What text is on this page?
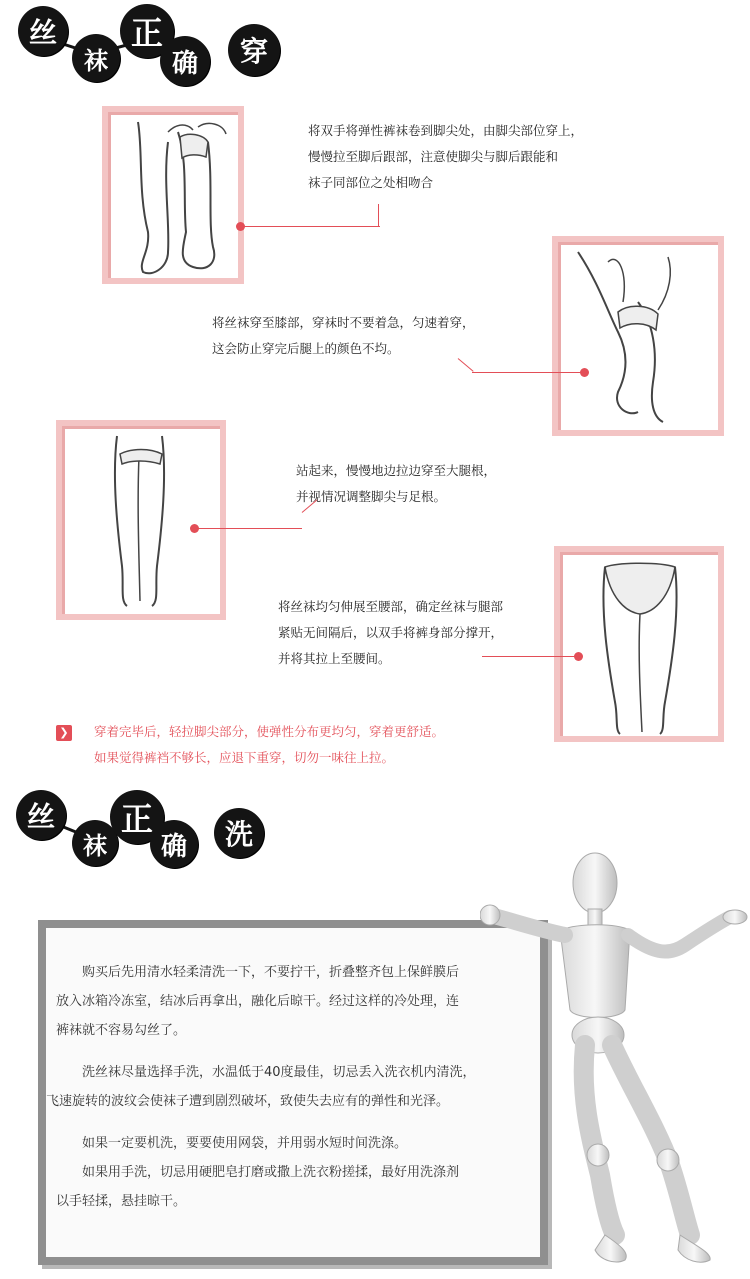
丝
袜
正
确	穿

将双手将弹性裤袜卷到脚尖处，由脚尖部位穿上，

慢慢拉至脚后跟部，注意使脚尖与脚后跟能和

袜子同部位之处相吻合

将丝袜穿至膝部，穿袜时不要着急，匀速着穿，

这会防止穿完后腿上的颜色不均。

站起来，慢慢地边拉边穿至大腿根，

并视情况调整脚尖与足根。

将丝袜均匀伸展至腰部，确定丝袜与腿部

紧贴无间隔后，以双手将裤身部分撑开，

并将其拉上至腰间。

❯ 穿着完毕后，轻拉脚尖部分，使弹性分布更均匀，穿着更舒适。

如果觉得裤裆不够长，应退下重穿，切勿一味往上拉。

丝
袜
正
确	洗

购买后先用清水轻柔清洗一下，不要拧干，折叠整齐包上保鲜膜后

放入冰箱冷冻室，结冰后再拿出，融化后晾干。经过这样的冷处理，连

裤袜就不容易勾丝了。

洗丝袜尽量选择手洗，水温低于40度最佳，切忌丢入洗衣机内清洗，

飞速旋转的波纹会使袜子遭到剧烈破坏，致使失去应有的弹性和光泽。

如果一定要机洗，要要使用网袋，并用弱水短时间洗涤。

如果用手洗，切忌用硬肥皂打磨或撒上洗衣粉搓揉，最好用洗涤剂

以手轻揉，悬挂晾干。
